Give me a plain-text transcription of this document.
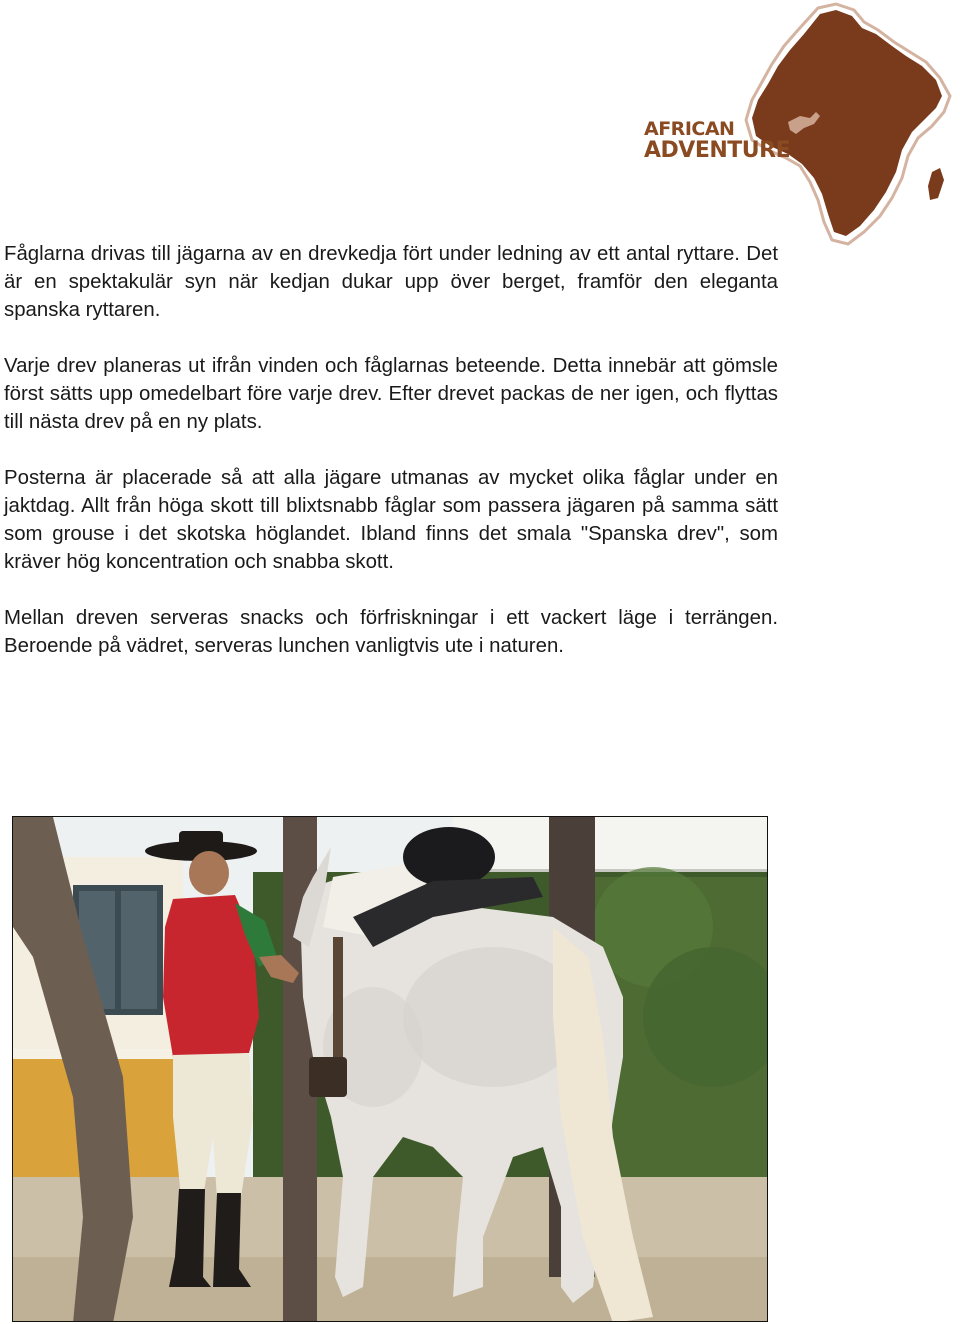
AFRICAN
ADVENTURE

Fåglarna drivas till jägarna av en drevkedja fört under ledning av ett antal ryttare. Det är en spektakulär syn när kedjan dukar upp över berget, framför den eleganta spanska ryttaren.

Varje drev planeras ut ifrån vinden och fåglarnas beteende. Detta innebär att gömsle först sätts upp omedelbart före varje drev. Efter drevet packas de ner igen, och flyttas till nästa drev på en ny plats.

Posterna är placerade så att alla jägare utmanas av mycket olika fåglar under en jaktdag. Allt från höga skott till blixtsnabb fåglar som passera jägaren på samma sätt som grouse i det skotska höglandet. Ibland finns det smala "Spanska drev", som kräver hög koncentration och snabba skott.

Mellan dreven serveras snacks och förfriskningar i ett vackert läge i terrängen. Beroende på vädret, serveras lunchen vanligtvis ute i naturen.
